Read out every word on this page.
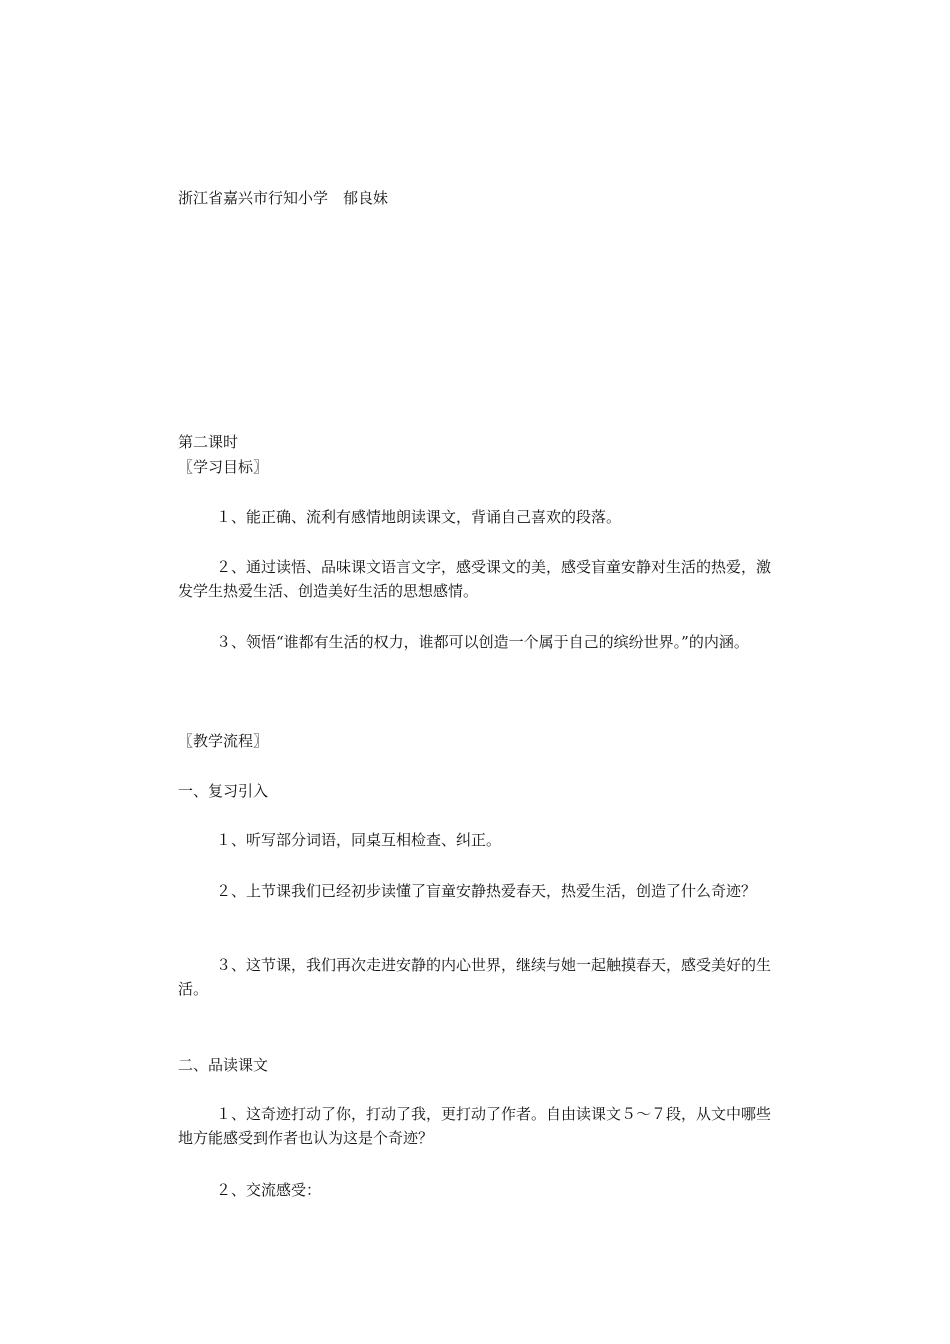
浙江省嘉兴市行知小学　郁良妹
第二课时
〖学习目标〗
１、能正确、流利有感情地朗读课文，背诵自己喜欢的段落。
２、通过读悟、品味课文语言文字，感受课文的美，感受盲童安静对生活的热爱，激发学生热爱生活、创造美好生活的思想感情。
３、领悟“谁都有生活的权力，谁都可以创造一个属于自己的缤纷世界。”的内涵。
〖教学流程〗
一、复习引入
１、听写部分词语，同桌互相检查、纠正。
２、上节课我们已经初步读懂了盲童安静热爱春天，热爱生活，创造了什么奇迹？
３、这节课，我们再次走进安静的内心世界，继续与她一起触摸春天，感受美好的生活。
二、品读课文
１、这奇迹打动了你，打动了我，更打动了作者。自由读课文５～７段，从文中哪些地方能感受到作者也认为这是个奇迹？
２、交流感受：
